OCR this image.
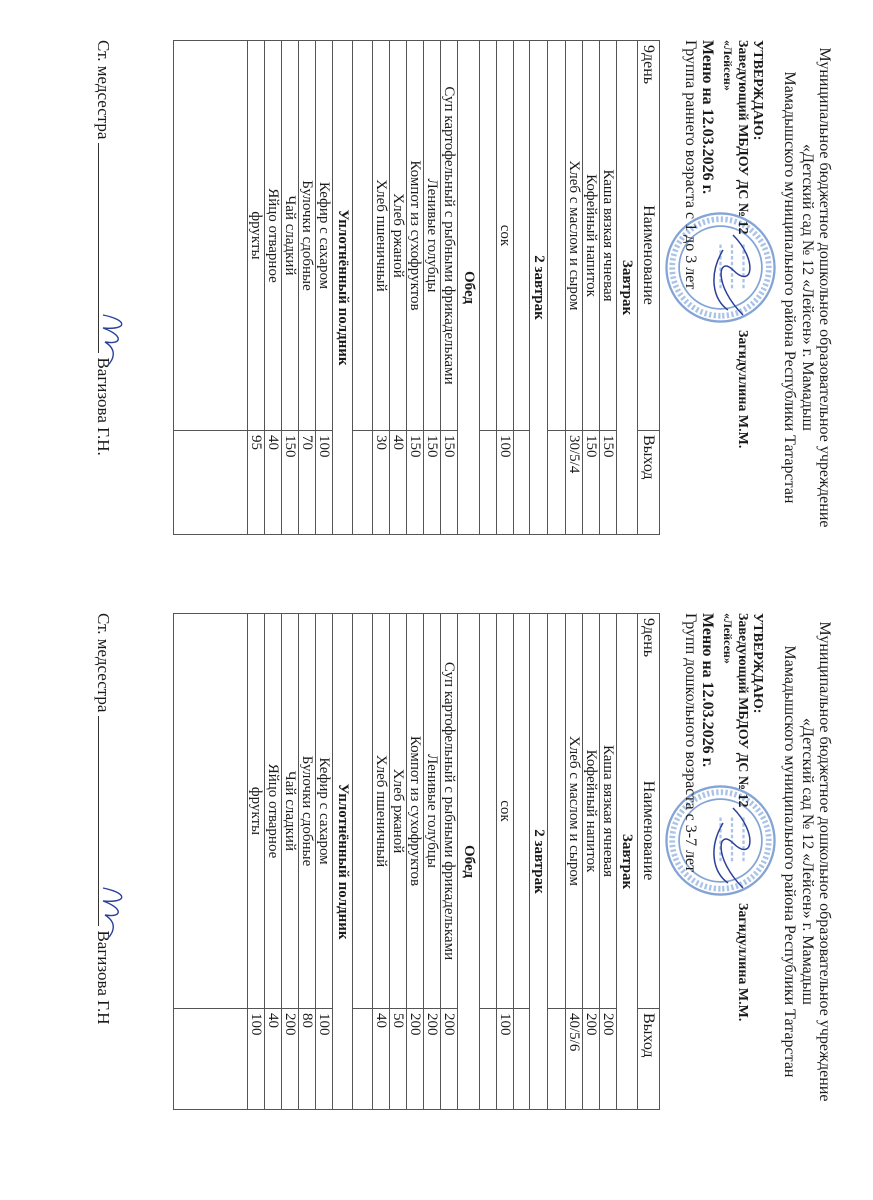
Муниципальное бюджетное дошкольное образовательное учреждение
«Детский сад № 12 «Лейсен» г. Мамадыш
Мамадышского муниципального района Республики Татарстан
УТВЕРЖДАЮ:
Заведующий МБДОУ ДС № 12
Загидуллина М.М.
«Лейсен»
Меню на 12.03.2026 г.
Группа раннего возраста с 1 до 3 лет
9день
Наименование	Выход
Завтрак	
Каша вязкая ячневая	150
Кофейный напиток	150
Хлеб с маслом и сыром	30/5/4

2 завтрак	

сок	100

Обед	
Суп картофельный с рыбными фрикадельками	150
Ленивые голубцы	150
Компот из сухофруктов	150
Хлеб ржаной	40
Хлеб пшеничный	30

Уплотнённый полдник	
Кефир с сахаром	100
Булочки сдобные	70
Чай сладкий	150
Яйцо отварное	40
фрукты	95

Ст. медсестраВагизова Г.Н.
Муниципальное бюджетное дошкольное образовательное учреждение
«Детский сад № 12 «Лейсен» г. Мамадыш
Мамадышского муниципального района Республики Татарстан
УТВЕРЖДАЮ:
Заведующий МБДОУ ДС № 12
Загидуллина М.М.
«Лейсен»
Меню на 12.03.2026 г.
Групп дошкольного возраста с 3-7 лет
9день
Наименование	Выход
Завтрак	
Каша вязкая ячневая	200
Кофейный напиток	200
Хлеб с маслом и сыром	40/5/6

2 завтрак	

сок	100

Обед	
Суп картофельный с рыбными фрикадельками	200
Ленивые голубцы	200
Компот из сухофруктов	200
Хлеб ржаной	50
Хлеб пшеничный	40

Уплотнённый полдник	
Кефир с сахаром	100
Булочки сдобные	80
Чай сладкий	200
Яйцо отварное	40
фрукты	100

Ст. медсестраВагизова Г.Н
